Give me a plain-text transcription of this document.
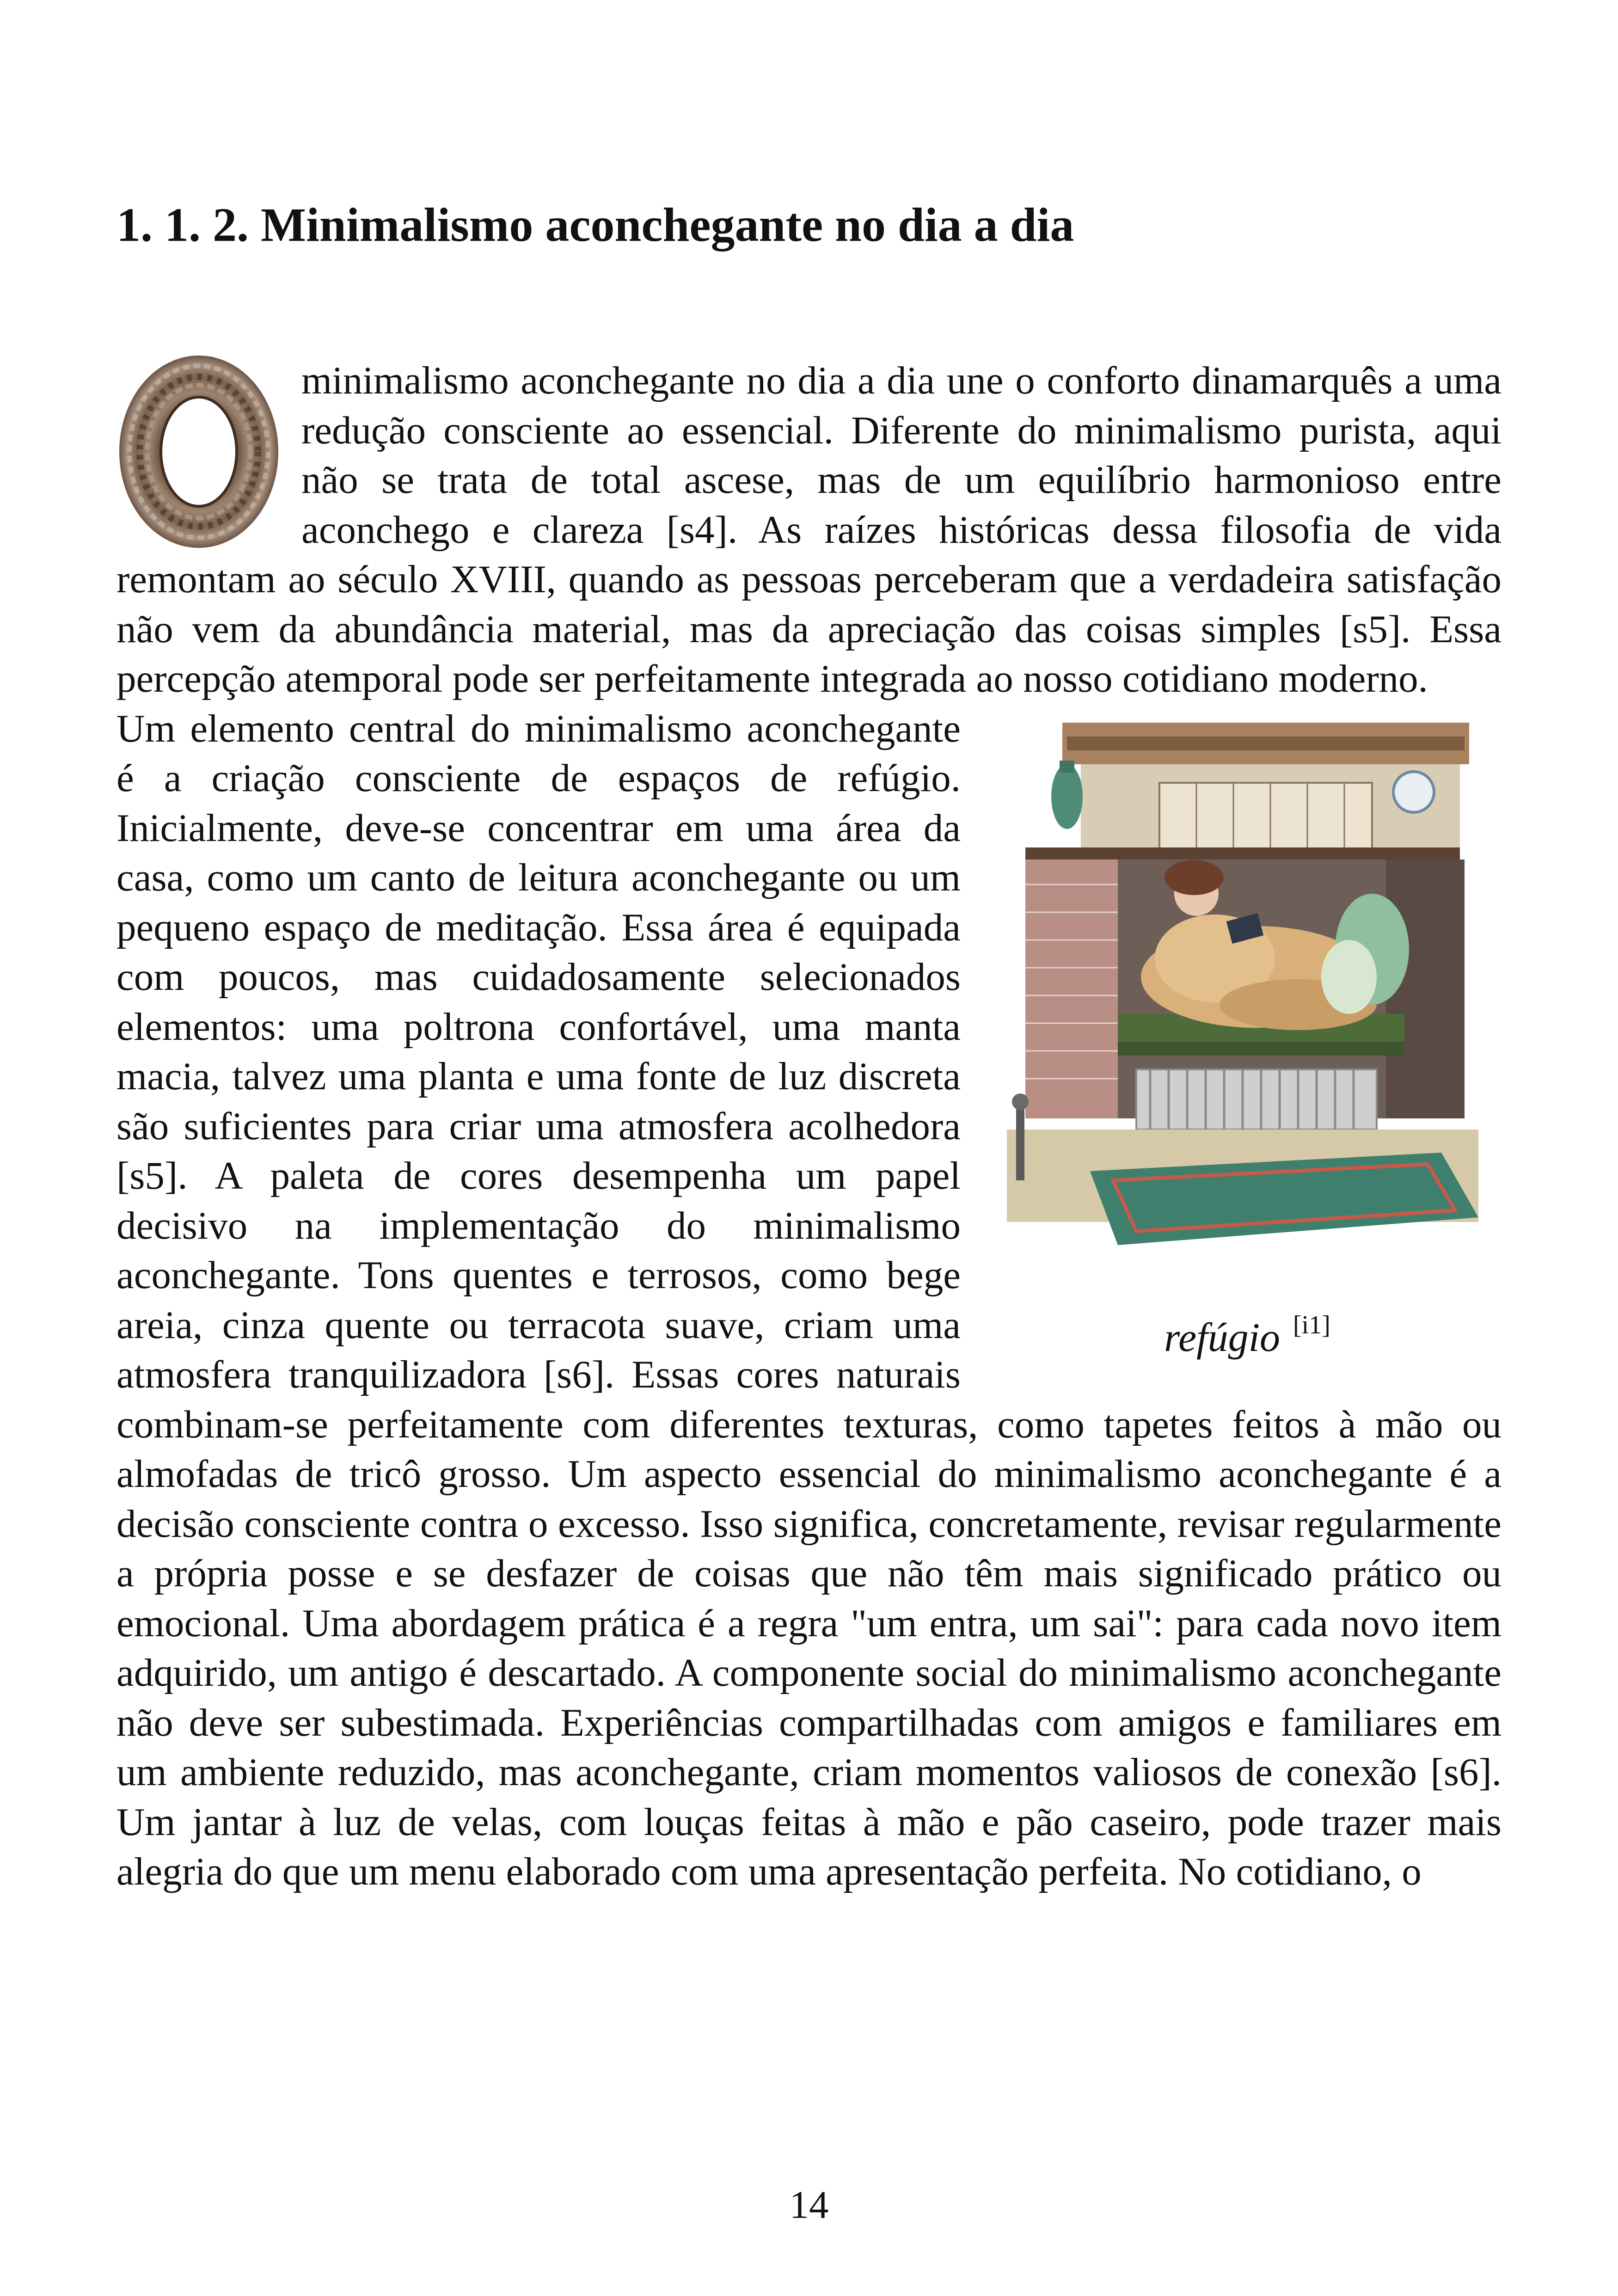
1. 1. 2. Minimalismo aconchegante no dia a dia

minimalismo aconchegante no dia a dia une o conforto dinamarquês a uma redução consciente ao essencial. Diferente do minimalismo purista, aqui não se trata de total ascese, mas de um equilíbrio harmonioso entre aconchego e clareza [s4]. As raízes históricas dessa filosofia de vida remontam ao século XVIII, quando as pessoas perceberam que a verdadeira satisfação não vem da abundância material, mas da apreciação das coisas simples [s5]. Essa percepção atemporal pode ser perfeitamente integrada ao nosso cotidiano moderno.

refúgio [i1]

Um elemento central do minimalismo aconchegante é a criação consciente de espaços de refúgio. Inicialmente, deve-se concentrar em uma área da casa, como um canto de leitura aconchegante ou um pequeno espaço de meditação. Essa área é equipada com poucos, mas cuidadosamente selecionados elementos: uma poltrona confortável, uma manta macia, talvez uma planta e uma fonte de luz discreta são suficientes para criar uma atmosfera acolhedora [s5]. A paleta de cores desempenha um papel decisivo na implementação do minimalismo aconchegante. Tons quentes e terrosos, como bege areia, cinza quente ou terracota suave, criam uma atmosfera tranquilizadora [s6]. Essas cores naturais combinam-se perfeitamente com diferentes texturas, como tapetes feitos à mão ou almofadas de tricô grosso. Um aspecto essencial do minimalismo aconchegante é a decisão consciente contra o excesso. Isso significa, concretamente, revisar regularmente a própria posse e se desfazer de coisas que não têm mais significado prático ou emocional. Uma abordagem prática é a regra "um entra, um sai": para cada novo item adquirido, um antigo é descartado. A componente social do minimalismo aconchegante não deve ser subestimada. Experiências compartilhadas com amigos e familiares em um ambiente reduzido, mas aconchegante, criam momentos valiosos de conexão [s6]. Um jantar à luz de velas, com louças feitas à mão e pão caseiro, pode trazer mais alegria do que um menu elaborado com uma apresentação perfeita. No cotidiano, o

14
